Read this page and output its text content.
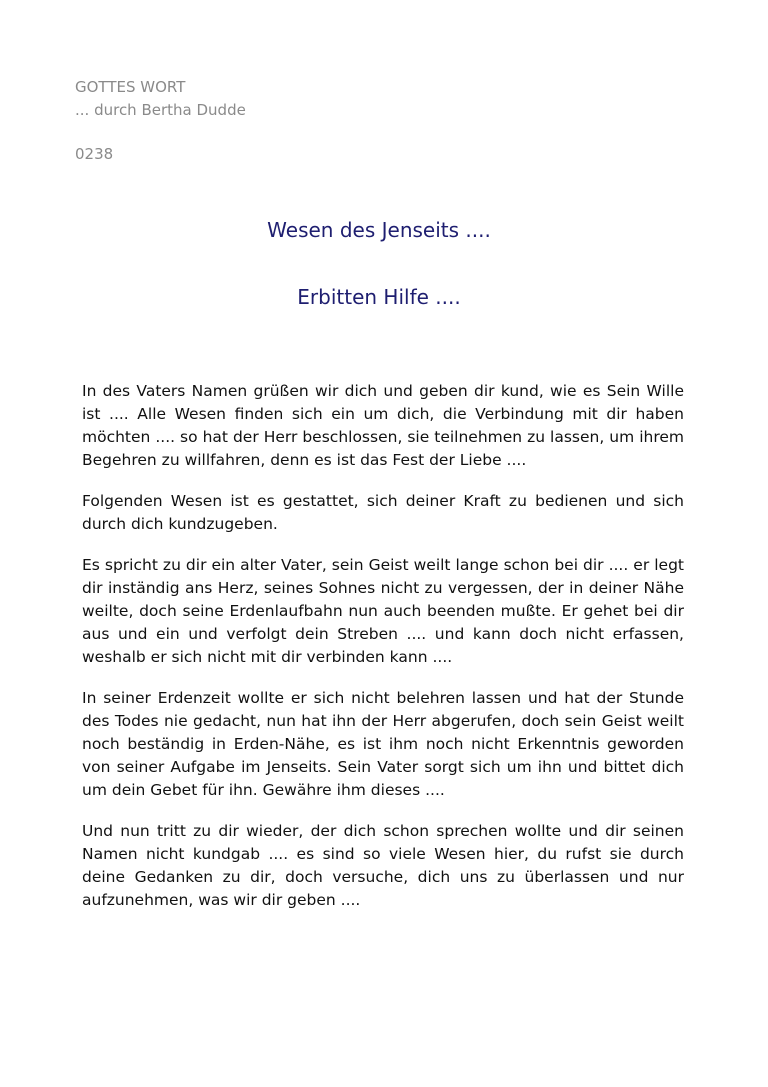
GOTTES WORT
... durch Bertha Dudde
0238
Wesen des Jenseits ....
Erbitten Hilfe ....

In des Vaters Namen grüßen wir dich und geben dir kund, wie es Sein Wille ist .... Alle Wesen finden sich ein um dich, die Verbindung mit dir haben möchten .... so hat der Herr beschlossen, sie teilnehmen zu lassen, um ihrem Begehren zu willfahren, denn es ist das Fest der Liebe ....

Folgenden Wesen ist es gestattet, sich deiner Kraft zu bedienen und sich durch dich kundzugeben.

Es spricht zu dir ein alter Vater, sein Geist weilt lange schon bei dir .... er legt dir inständig ans Herz, seines Sohnes nicht zu vergessen, der in deiner Nähe weilte, doch seine Erdenlaufbahn nun auch beenden mußte. Er gehet bei dir aus und ein und verfolgt dein Streben .... und kann doch nicht erfassen, weshalb er sich nicht mit dir verbinden kann ....

In seiner Erdenzeit wollte er sich nicht belehren lassen und hat der Stunde des Todes nie gedacht, nun hat ihn der Herr abgerufen, doch sein Geist weilt noch beständig in Erden-Nähe, es ist ihm noch nicht Erkenntnis geworden von seiner Aufgabe im Jenseits. Sein Vater sorgt sich um ihn und bittet dich um dein Gebet für ihn. Gewähre ihm dieses ....

Und nun tritt zu dir wieder, der dich schon sprechen wollte und dir seinen Namen nicht kundgab .... es sind so viele Wesen hier, du rufst sie durch deine Gedanken zu dir, doch versuche, dich uns zu überlassen und nur aufzunehmen, was wir dir geben ....
